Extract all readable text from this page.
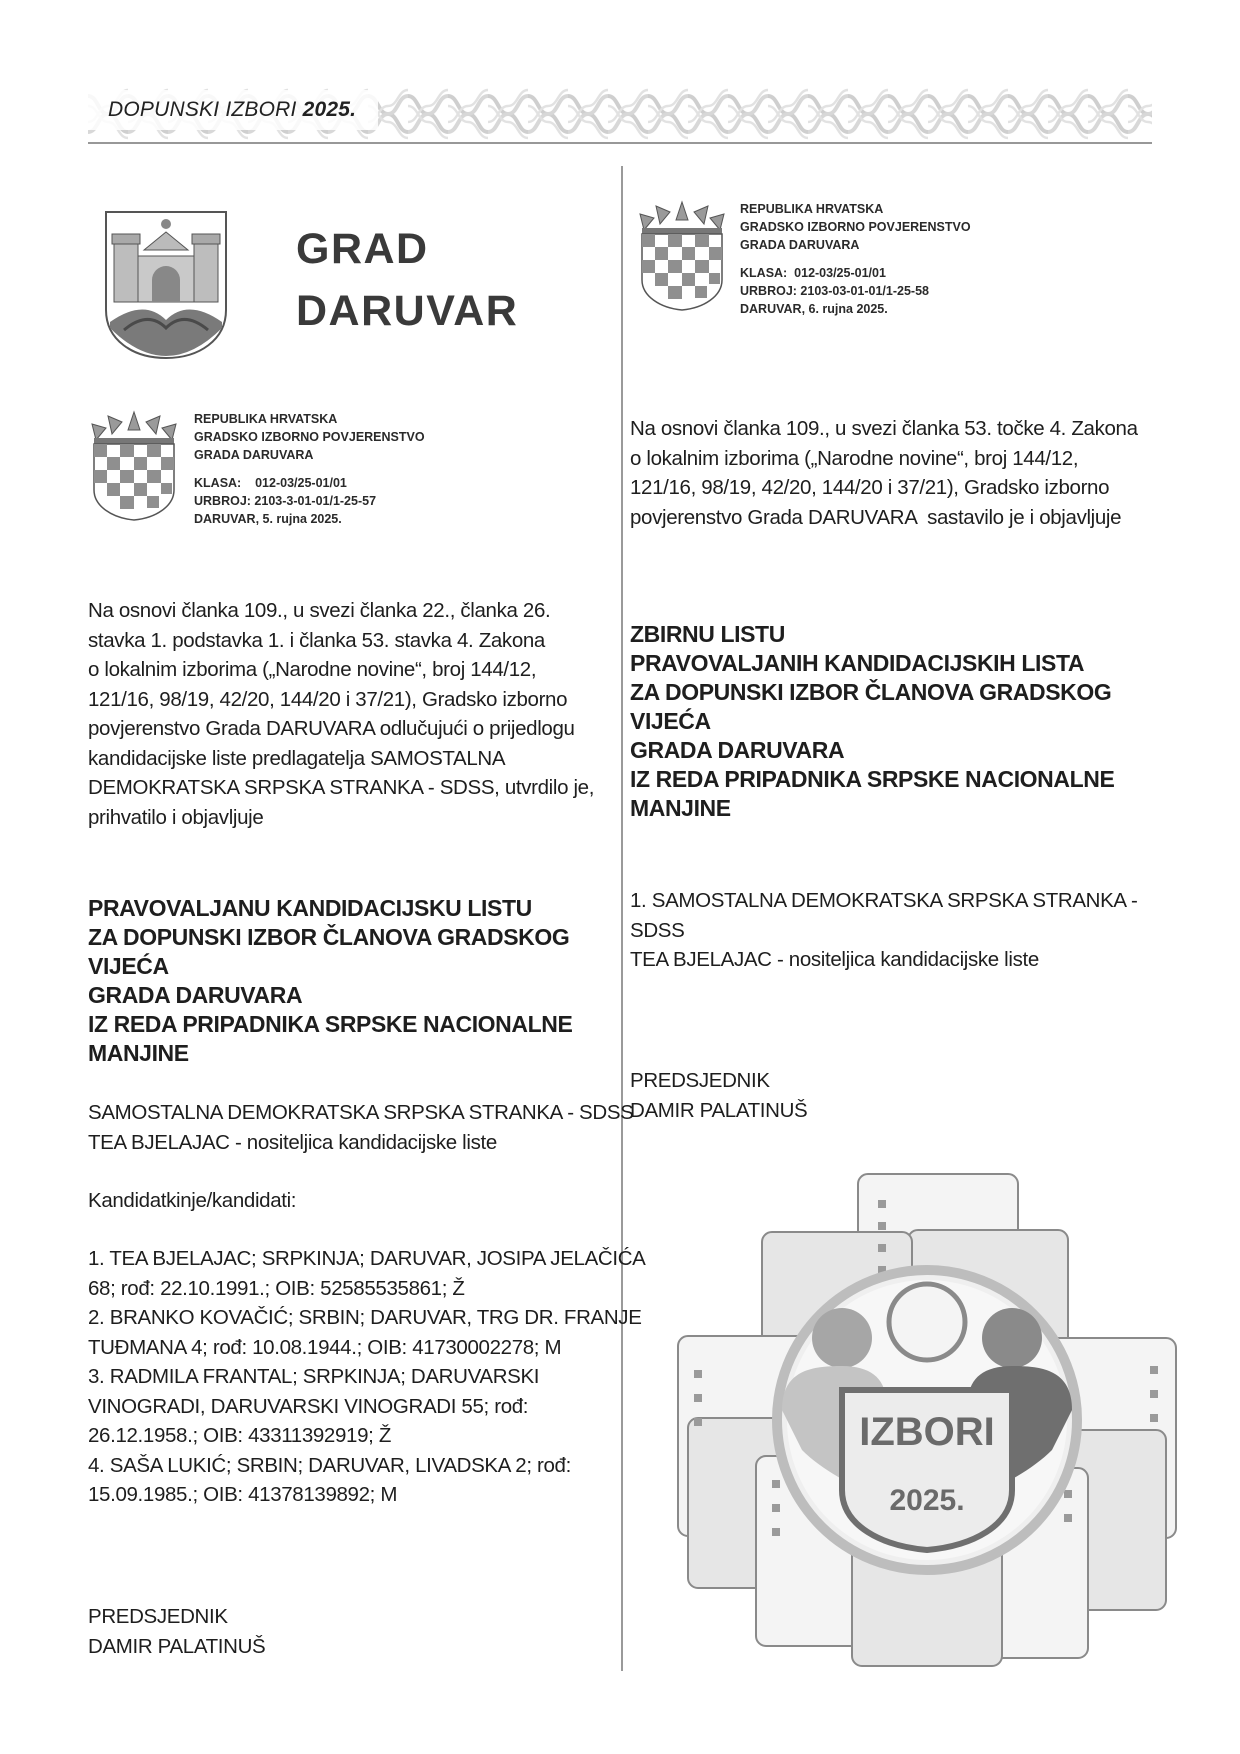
DOPUNSKI IZBORI 2025.
GRAD
DARUVAR
REPUBLIKA HRVATSKA
GRADSKO IZBORNO POVJERENSTVO
GRADA DARUVARA
KLASA:    012-03/25-01/01
URBROJ: 2103-3-01-01/1-25-57
DARUVAR, 5. rujna 2025.
Na osnovi članka 109., u svezi članka 22., članka 26.
stavka 1. podstavka 1. i članka 53. stavka 4. Zakona
o lokalnim izborima („Narodne novine“, broj 144/12,
121/16, 98/19, 42/20, 144/20 i 37/21), Gradsko izborno
povjerenstvo Grada DARUVARA odlučujući o prijedlogu
kandidacijske liste predlagatelja SAMOSTALNA
DEMOKRATSKA SRPSKA STRANKA - SDSS, utvrdilo je,
prihvatilo i objavljuje
PRAVOVALJANU KANDIDACIJSKU LISTU
ZA DOPUNSKI IZBOR ČLANOVA GRADSKOG
VIJEĆA
GRADA DARUVARA
IZ REDA PRIPADNIKA SRPSKE NACIONALNE
MANJINE
SAMOSTALNA DEMOKRATSKA SRPSKA STRANKA - SDSS
TEA BJELAJAC - nositeljica kandidacijske liste
Kandidatkinje/kandidati:
1. TEA BJELAJAC; SRPKINJA; DARUVAR, JOSIPA JELAČIĆA
68; rođ: 22.10.1991.; OIB: 52585535861; Ž
2. BRANKO KOVAČIĆ; SRBIN; DARUVAR, TRG DR. FRANJE
TUĐMANA 4; rođ: 10.08.1944.; OIB: 41730002278; M
3. RADMILA FRANTAL; SRPKINJA; DARUVARSKI
VINOGRADI, DARUVARSKI VINOGRADI 55; rođ:
26.12.1958.; OIB: 43311392919; Ž
4. SAŠA LUKIĆ; SRBIN; DARUVAR, LIVADSKA 2; rođ:
15.09.1985.; OIB: 41378139892; M
PREDSJEDNIK
DAMIR PALATINUŠ
REPUBLIKA HRVATSKA
GRADSKO IZBORNO POVJERENSTVO
GRADA DARUVARA
KLASA:  012-03/25-01/01
URBROJ: 2103-03-01-01/1-25-58
DARUVAR, 6. rujna 2025.
Na osnovi članka 109., u svezi članka 53. točke 4. Zakona
o lokalnim izborima („Narodne novine“, broj 144/12,
121/16, 98/19, 42/20, 144/20 i 37/21), Gradsko izborno
povjerenstvo Grada DARUVARA  sastavilo je i objavljuje
ZBIRNU LISTU
PRAVOVALJANIH KANDIDACIJSKIH LISTA
ZA DOPUNSKI IZBOR ČLANOVA GRADSKOG
VIJEĆA
GRADA DARUVARA
IZ REDA PRIPADNIKA SRPSKE NACIONALNE
MANJINE
1. SAMOSTALNA DEMOKRATSKA SRPSKA STRANKA -
SDSS
TEA BJELAJAC - nositeljica kandidacijske liste
PREDSJEDNIK
DAMIR PALATINUŠ
IZBORI
2025.
